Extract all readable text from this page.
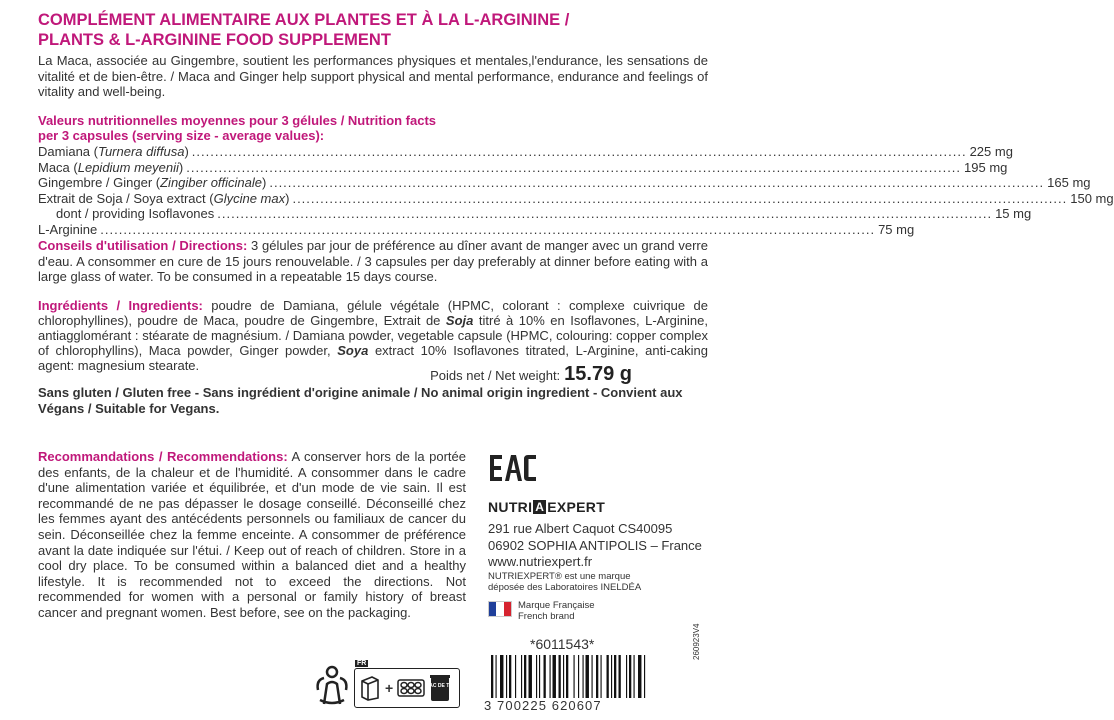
COMPLÉMENT ALIMENTAIRE AUX PLANTES ET À LA L-ARGININE /
PLANTS & L-ARGININE FOOD SUPPLEMENT
La Maca, associée au Gingembre, soutient les performances physiques et mentales,l'endurance, les sensations de vitalité et de bien-être. / Maca and Ginger help support physical and mental performance, endurance and feelings of vitality and well-being.
Valeurs nutritionnelles moyennes pour 3 gélules / Nutrition facts
per 3 capsules (serving size - average values):
Damiana (Turnera diffusa) .....	225 mg
Maca (Lepidium meyenii) .....	195 mg
Gingembre / Ginger (Zingiber officinale) .....	165 mg
Extrait de Soja / Soya extract (Glycine max) .....	150 mg
dont / providing Isoflavones .....	15 mg
L-Arginine .....	75 mg
Conseils d'utilisation / Directions: 3 gélules par jour de préférence au dîner avant de manger avec un grand verre d'eau. A consommer en cure de 15 jours renouvelable. / 3 capsules per day preferably at dinner before eating with a large glass of water. To be consumed in a repeatable 15 days course.
Ingrédients / Ingredients: poudre de Damiana, gélule végétale (HPMC, colorant : complexe cuivrique de chlorophyllines), poudre de Maca, poudre de Gingembre, Extrait de Soja titré à 10% en Isoflavones, L-Arginine, antiagglomérant : stéarate de magnésium. / Damiana powder, vegetable capsule (HPMC, colouring: copper complex of chlorophyllins), Maca powder, Ginger powder, Soya extract 10% Isoflavones titrated, L-Arginine, anti-caking agent: magnesium stearate.
Sans gluten / Gluten free - Sans ingrédient d'origine animale / No animal origin ingredient - Convient aux Végans / Suitable for Vegans.
Poids net / Net weight: 15.79 g
Recommandations / Recommendations: A conserver hors de la portée des enfants, de la chaleur et de l'humidité. A consommer dans le cadre d'une alimentation variée et équilibrée, et d'un mode de vie sain. Il est recommandé de ne pas dépasser le dosage conseillé. Déconseillé chez les femmes ayant des antécédents personnels ou familiaux de cancer du sein. Déconseillée chez la femme enceinte. A consommer de préférence avant la date indiquée sur l'étui. / Keep out of reach of children. Store in a cool dry place. To be consumed within a balanced diet and a healthy lifestyle. It is recommended not to exceed the directions. Not recommended for women with a personal or family history of breast cancer and pregnant women. Best before, see on the packaging.
NUTRI A EXPERT
291 rue Albert Caquot CS40095
06902 SOPHIA ANTIPOLIS – France
www.nutriexpert.fr
NUTRIEXPERT® est une marque
déposée des Laboratoires INELDÉA
Marque Française
French brand
FR
+	BAC DE TRI
*6011543*
3 700225 620607
260923V4
